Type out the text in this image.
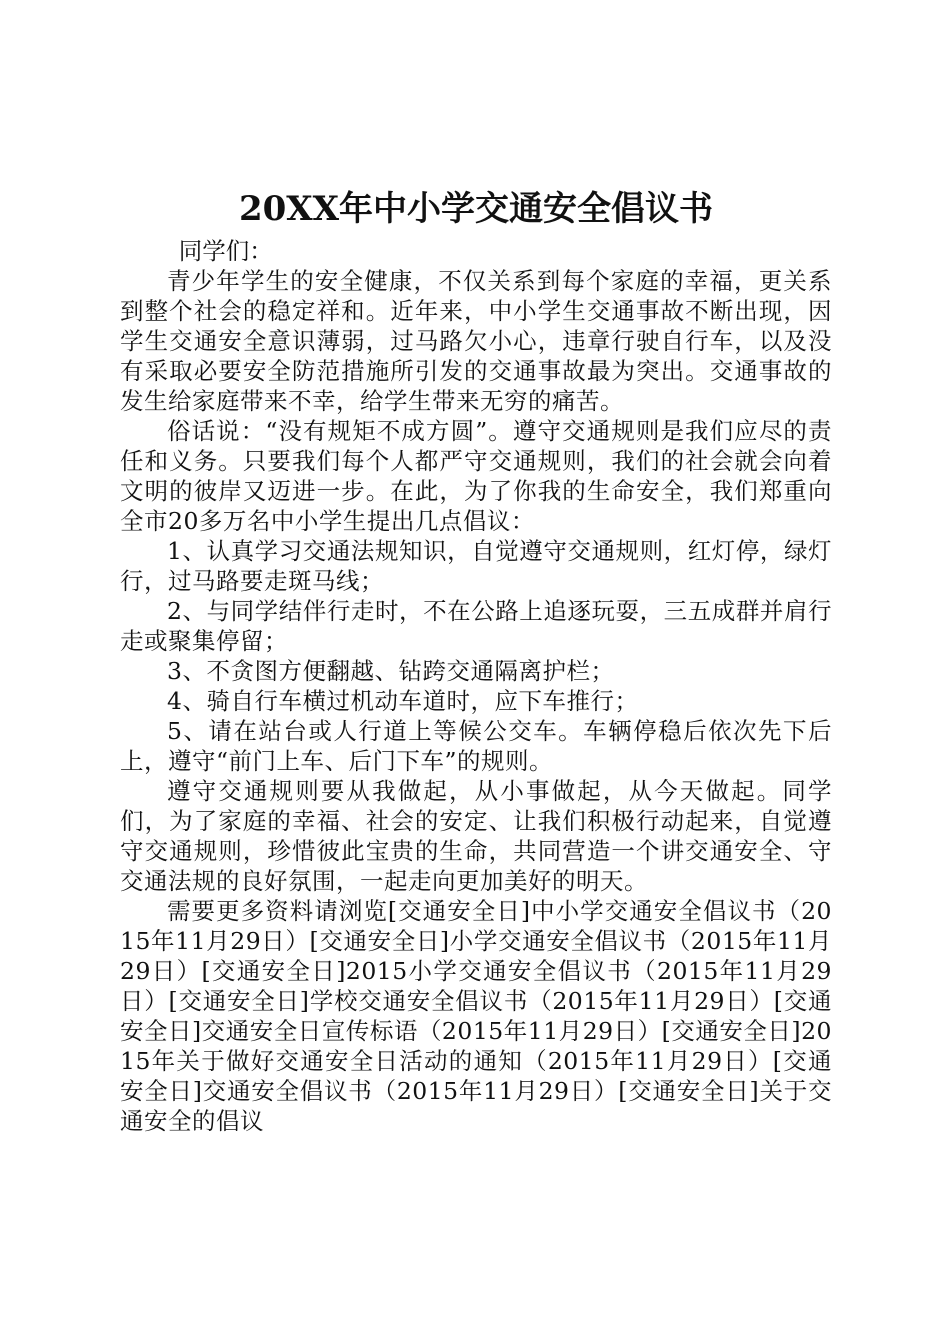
20XX年中小学交通安全倡议书

同学们：

青少年学生的安全健康，不仅关系到每个家庭的幸福，更关系到整个社会的稳定祥和。近年来，中小学生交通事故不断出现，因学生交通安全意识薄弱，过马路欠小心，违章行驶自行车，以及没有采取必要安全防范措施所引发的交通事故最为突出。交通事故的发生给家庭带来不幸，给学生带来无穷的痛苦。

俗话说：“没有规矩不成方圆”。遵守交通规则是我们应尽的责任和义务。只要我们每个人都严守交通规则，我们的社会就会向着文明的彼岸又迈进一步。在此，为了你我的生命安全，我们郑重向全市20多万名中小学生提出几点倡议：

1、认真学习交通法规知识，自觉遵守交通规则，红灯停，绿灯行，过马路要走斑马线；

2、与同学结伴行走时，不在公路上追逐玩耍，三五成群并肩行走或聚集停留；

3、不贪图方便翻越、钻跨交通隔离护栏；

4、骑自行车横过机动车道时，应下车推行；

5、请在站台或人行道上等候公交车。车辆停稳后依次先下后上，遵守“前门上车、后门下车”的规则。

遵守交通规则要从我做起，从小事做起，从今天做起。同学们，为了家庭的幸福、社会的安定、让我们积极行动起来，自觉遵守交通规则，珍惜彼此宝贵的生命，共同营造一个讲交通安全、守交通法规的良好氛围，一起走向更加美好的明天。

需要更多资料请浏览[交通安全日]中小学交通安全倡议书（2015年11月29日）[交通安全日]小学交通安全倡议书（2015年11月29日）[交通安全日]2015小学交通安全倡议书（2015年11月29日）[交通安全日]学校交通安全倡议书（2015年11月29日）[交通安全日]交通安全日宣传标语（2015年11月29日）[交通安全日]2015年关于做好交通安全日活动的通知（2015年11月29日）[交通安全日]交通安全倡议书（2015年11月29日）[交通安全日]关于交通安全的倡议
